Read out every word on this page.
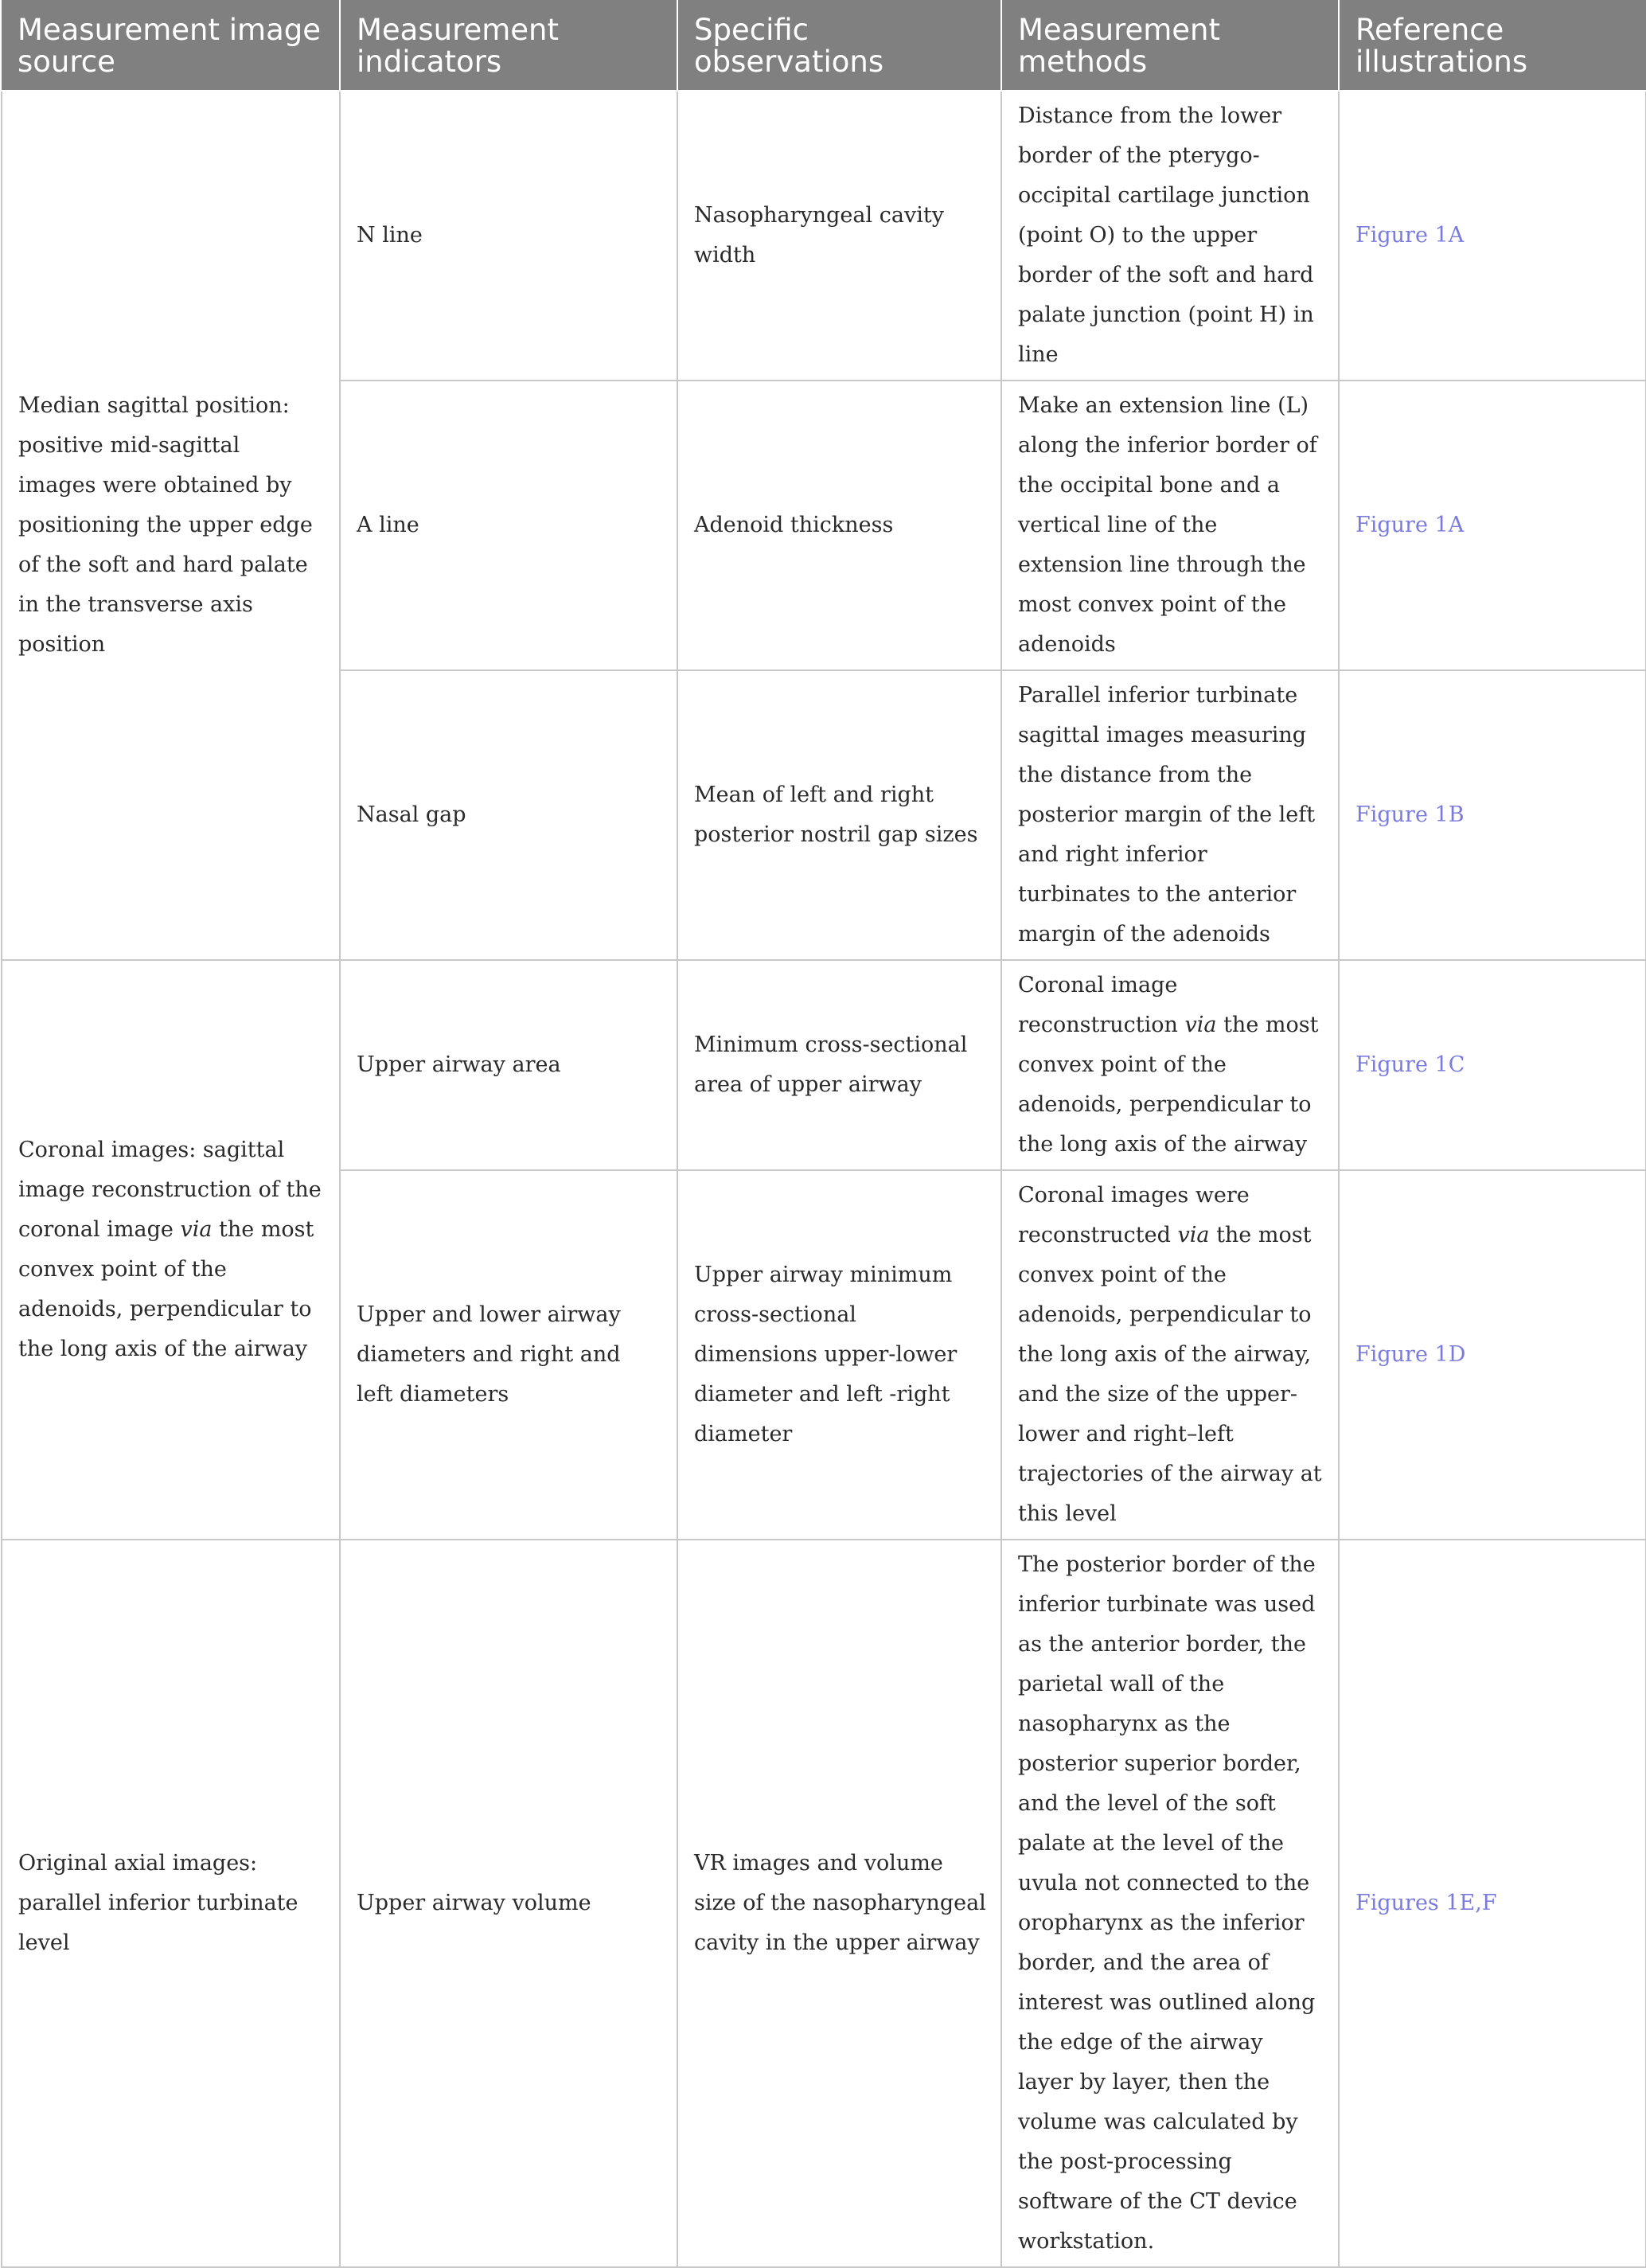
Measurement image source	Measurement indicators	Specific observations	Measurement methods	Reference illustrations
Median sagittal position: positive mid-sagittal images were obtained by positioning the upper edge of the soft and hard palate in the transverse axis position	N line	Nasopharyngeal cavity width	Distance from the lower border of the pterygo-occipital cartilage junction (point O) to the upper border of the soft and hard palate junction (point H) in line	Figure 1A
	A line	Adenoid thickness	Make an extension line (L) along the inferior border of the occipital bone and a vertical line of the extension line through the most convex point of the adenoids	Figure 1A
	Nasal gap	Mean of left and right posterior nostril gap sizes	Parallel inferior turbinate sagittal images measuring the distance from the posterior margin of the left and right inferior turbinates to the anterior margin of the adenoids	Figure 1B
Coronal images: sagittal image reconstruction of the coronal image via the most convex point of the adenoids, perpendicular to the long axis of the airway	Upper airway area	Minimum cross-sectional area of upper airway	Coronal image reconstruction via the most convex point of the adenoids, perpendicular to the long axis of the airway	Figure 1C
	Upper and lower airway diameters and right and left diameters	Upper airway minimum cross-sectional dimensions upper-lower diameter and left -right diameter	Coronal images were reconstructed via the most convex point of the adenoids, perpendicular to the long axis of the airway, and the size of the upper- lower and right–left trajectories of the airway at this level	Figure 1D
Original axial images: parallel inferior turbinate level	Upper airway volume	VR images and volume size of the nasopharyngeal cavity in the upper airway	The posterior border of the inferior turbinate was used as the anterior border, the parietal wall of the nasopharynx as the posterior superior border, and the level of the soft palate at the level of the uvula not connected to the oropharynx as the inferior border, and the area of interest was outlined along the edge of the airway layer by layer, then the volume was calculated by the post-processing software of the CT device workstation.	Figures 1E,F
